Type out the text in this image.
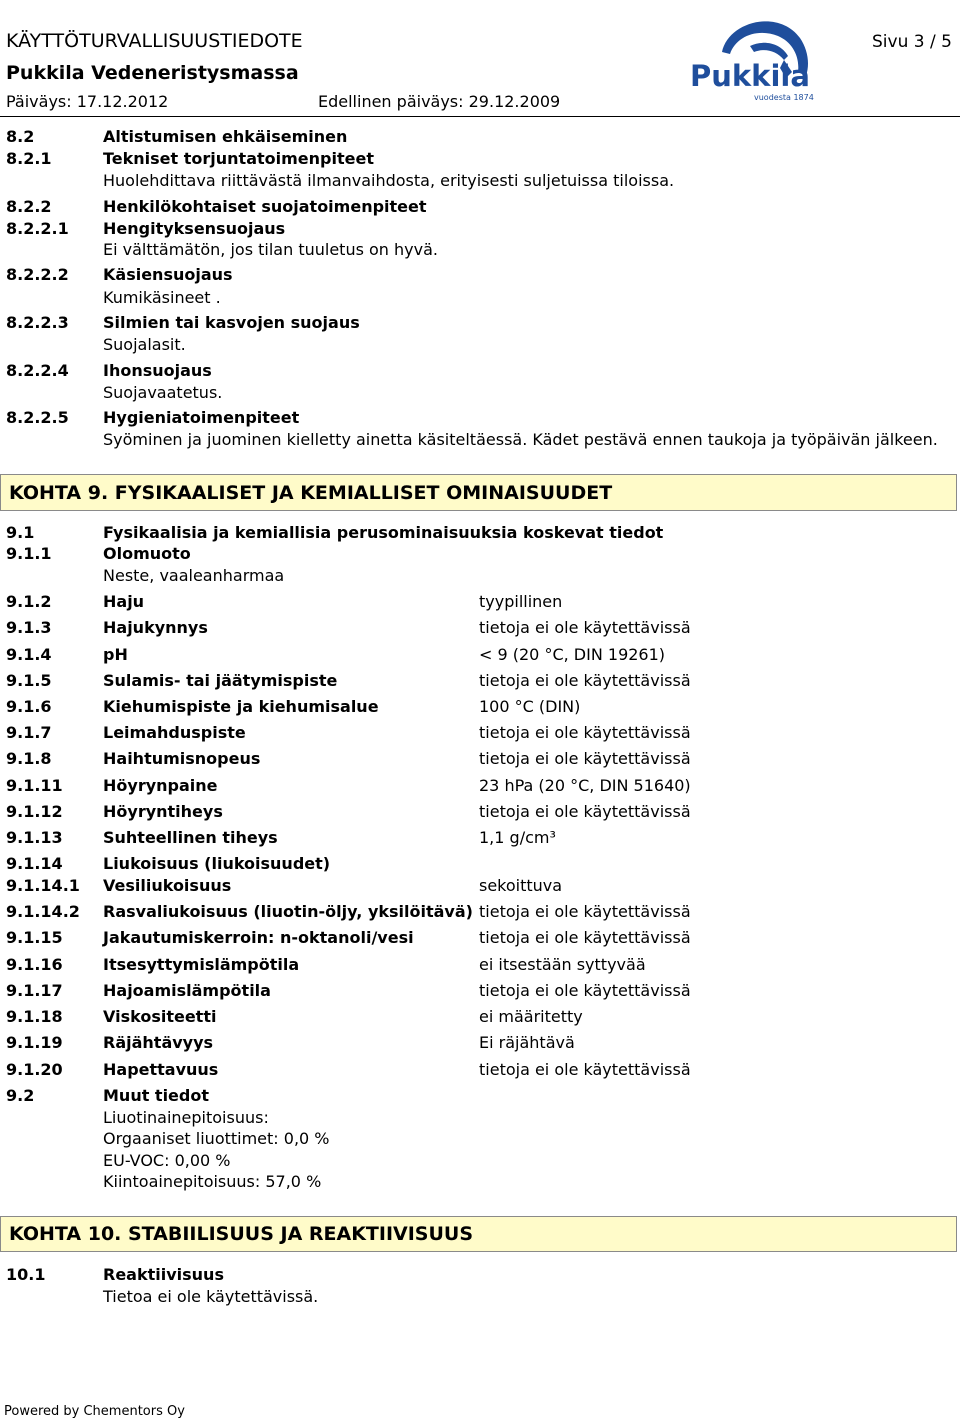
KÄYTTÖTURVALLISUUSTIEDOTE
Pukkila Vedeneristysmassa
Päiväys: 17.12.2012	Edellinen päiväys: 29.12.2009
Sivu 3 / 5
Pukkila
vuodesta 1874
8.2	Altistumisen ehkäiseminen
8.2.1	Tekniset torjuntatoimenpiteet
Huolehdittava riittävästä ilmanvaihdosta, erityisesti suljetuissa tiloissa.
8.2.2	Henkilökohtaiset suojatoimenpiteet
8.2.2.1 Hengityksensuojaus
Ei välttämätön, jos tilan tuuletus on hyvä.
8.2.2.2 Käsiensuojaus
Kumikäsineet .
8.2.2.3 Silmien tai kasvojen suojaus
Suojalasit.
8.2.2.4 Ihonsuojaus
Suojavaatetus.
8.2.2.5 Hygieniatoimenpiteet
Syöminen ja juominen kielletty ainetta käsiteltäessä. Kädet pestävä ennen taukoja ja työpäivän jälkeen.
KOHTA 9. FYSIKAALISET JA KEMIALLISET OMINAISUUDET
9.1	Fysikaalisia ja kemiallisia perusominaisuuksia koskevat tiedot
9.1.1	Olomuoto
Neste, vaaleanharmaa
9.1.2	Haju	tyypillinen
9.1.3	Hajukynnys	tietoja ei ole käytettävissä
9.1.4	pH	< 9 (20 °C, DIN 19261)
9.1.5	Sulamis- tai jäätymispiste	tietoja ei ole käytettävissä
9.1.6	Kiehumispiste ja kiehumisalue	100 °C (DIN)
9.1.7	Leimahduspiste	tietoja ei ole käytettävissä
9.1.8	Haihtumisnopeus	tietoja ei ole käytettävissä
9.1.11	Höyrynpaine	23 hPa (20 °C, DIN 51640)
9.1.12	Höyryntiheys	tietoja ei ole käytettävissä
9.1.13	Suhteellinen tiheys	1,1 g/cm³
9.1.14	Liukoisuus (liukoisuudet)
9.1.14.1 Vesiliukoisuus	sekoittuva
9.1.14.2 Rasvaliukoisuus (liuotin-öljy, yksilöitävä) tietoja ei ole käytettävissä
9.1.15	Jakautumiskerroin: n-oktanoli/vesi	tietoja ei ole käytettävissä
9.1.16	Itsesyttymislämpötila	ei itsestään syttyvää
9.1.17	Hajoamislämpötila	tietoja ei ole käytettävissä
9.1.18	Viskositeetti	ei määritetty
9.1.19	Räjähtävyys	Ei räjähtävä
9.1.20	Hapettavuus	tietoja ei ole käytettävissä
9.2	Muut tiedot
Liuotinainepitoisuus:
Orgaaniset liuottimet: 0,0 %
EU-VOC: 0,00 %
Kiintoainepitoisuus: 57,0 %
KOHTA 10. STABIILISUUS JA REAKTIIVISUUS
10.1	Reaktiivisuus
Tietoa ei ole käytettävissä.
Powered by Chementors Oy
